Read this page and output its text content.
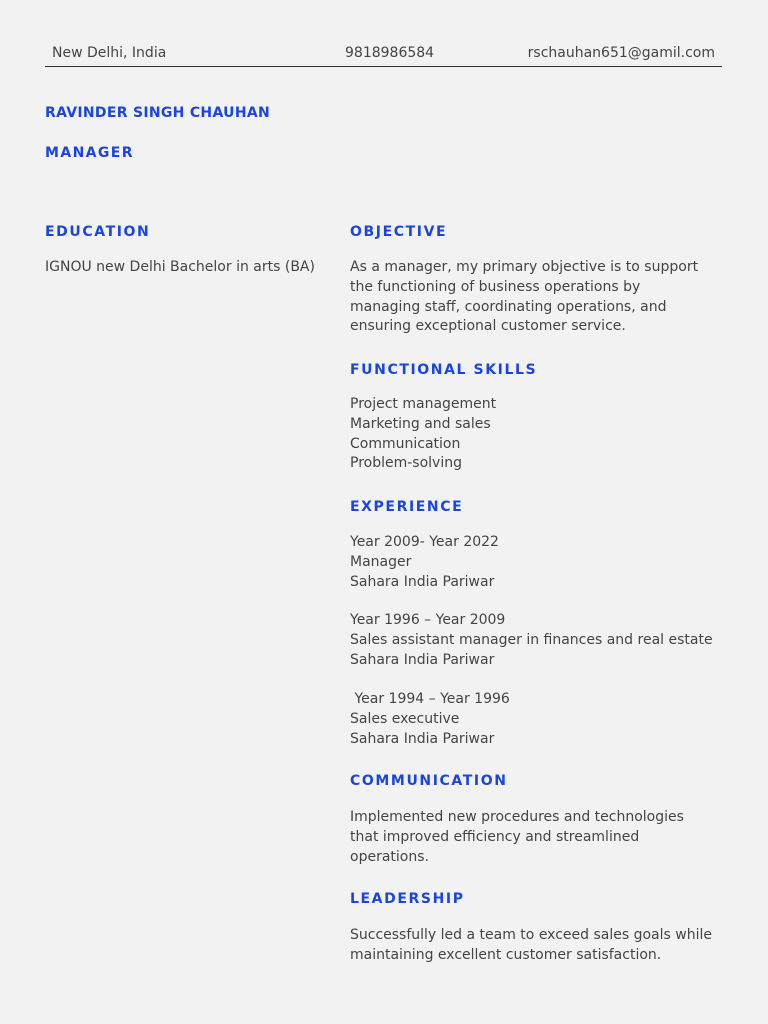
New Delhi, India	9818986584	rschauhan651@gamil.com
RAVINDER SINGH CHAUHAN
MANAGER
EDUCATION
IGNOU new Delhi Bachelor in arts (BA)
OBJECTIVE
As a manager, my primary objective is to support
the functioning of business operations by
managing staff, coordinating operations, and
ensuring exceptional customer service.
FUNCTIONAL SKILLS
Project management
Marketing and sales
Communication
Problem-solving
EXPERIENCE
Year 2009- Year 2022
Manager
Sahara India Pariwar
Year 1996 – Year 2009
Sales assistant manager in finances and real estate
Sahara India Pariwar
Year 1994 – Year 1996
Sales executive
Sahara India Pariwar
COMMUNICATION
Implemented new procedures and technologies
that improved efficiency and streamlined
operations.
LEADERSHIP
Successfully led a team to exceed sales goals while
maintaining excellent customer satisfaction.
